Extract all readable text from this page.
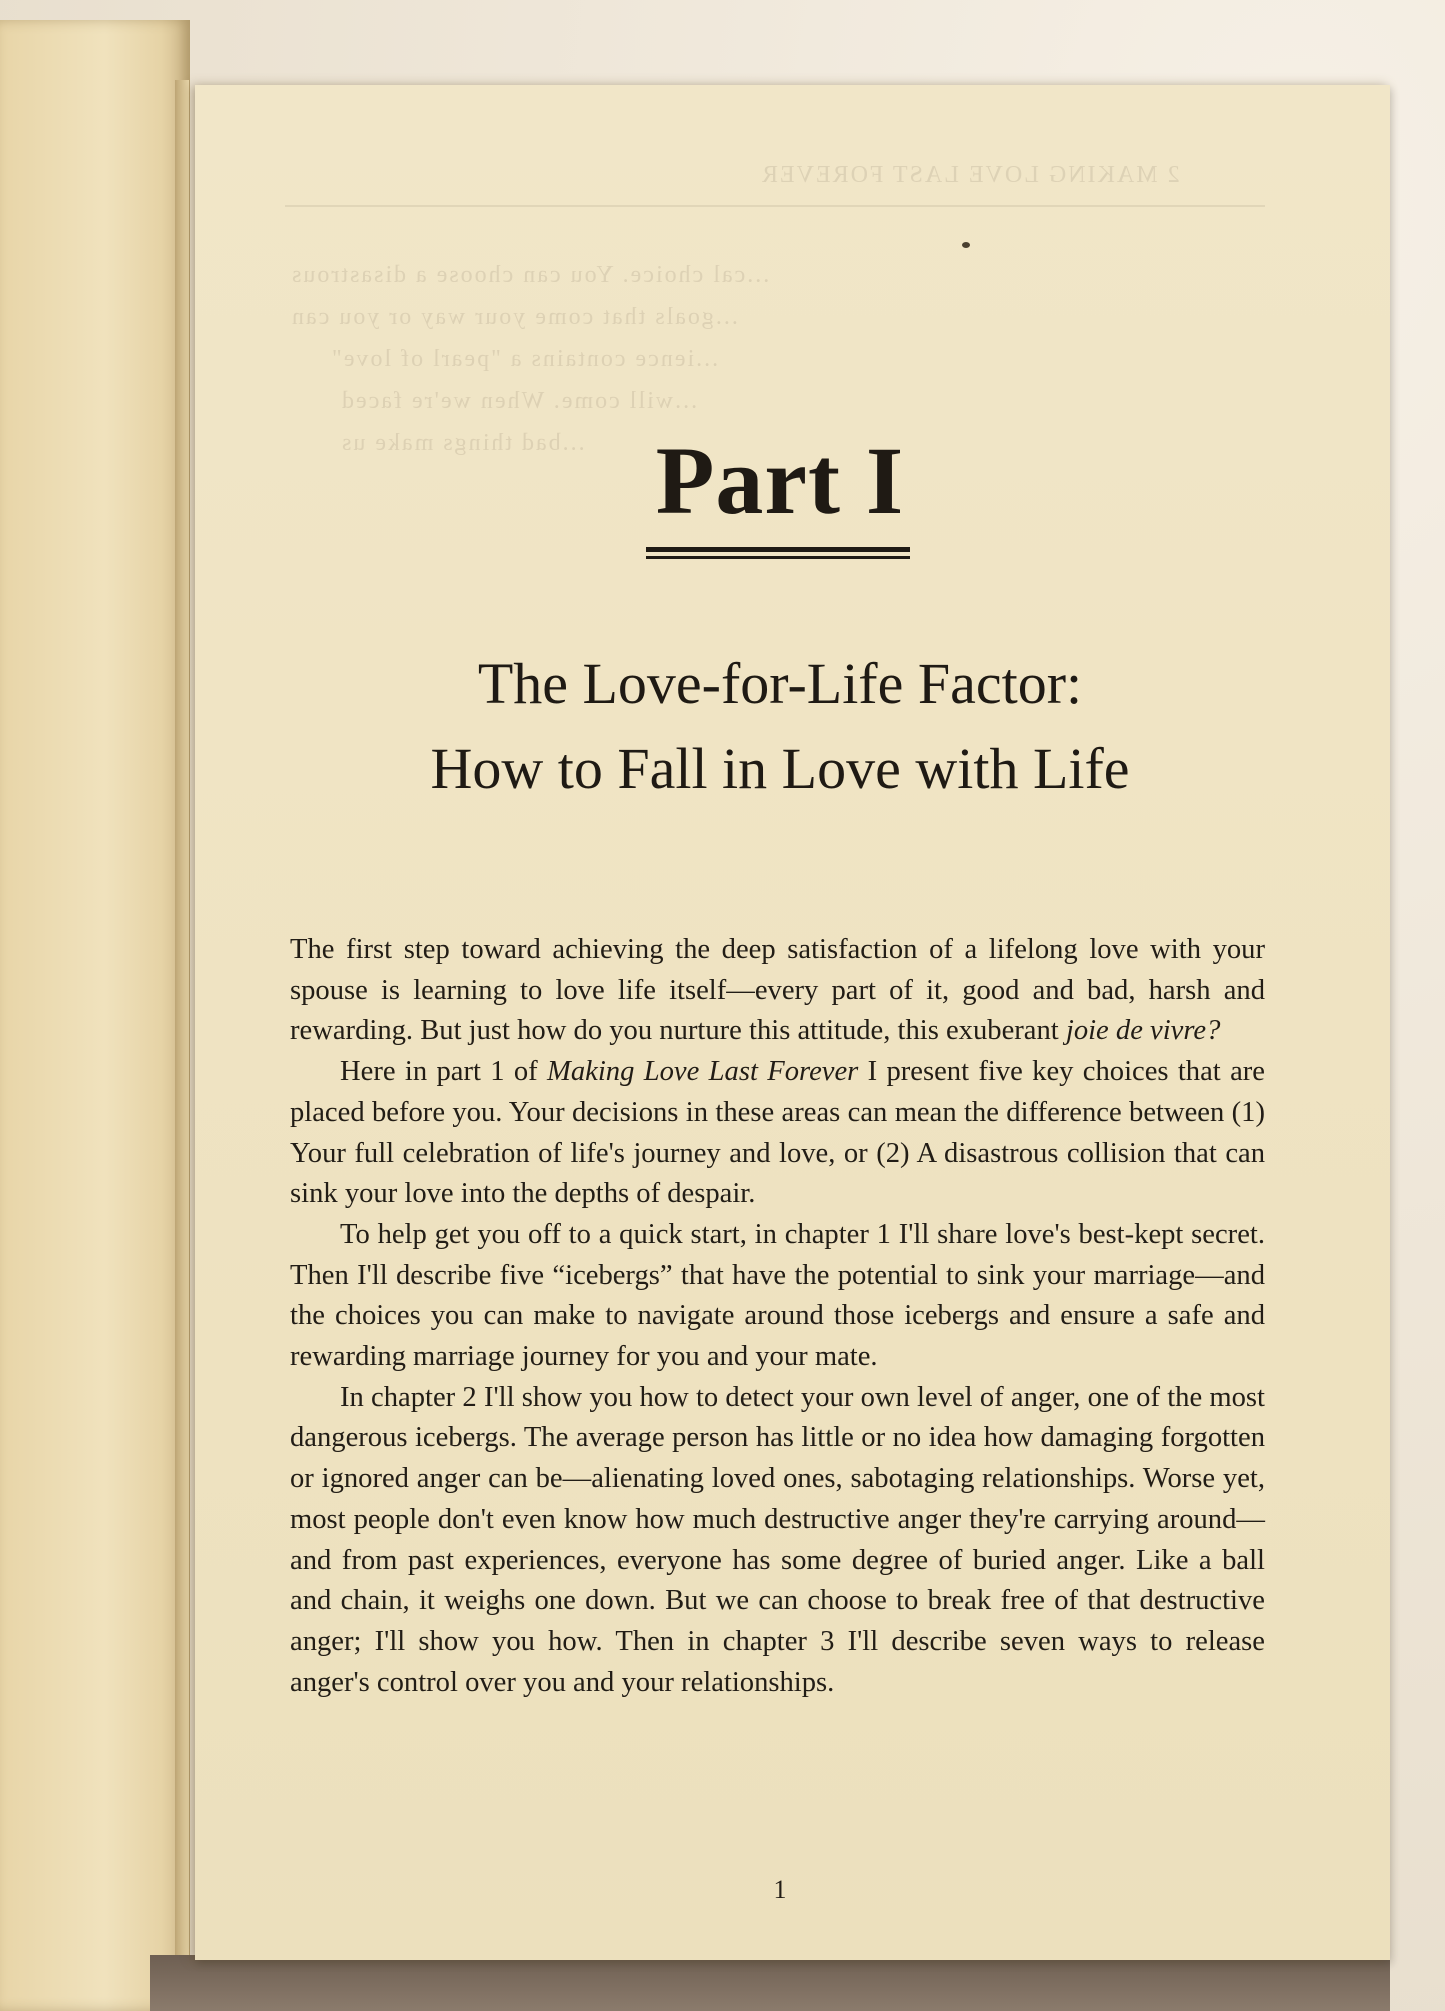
2 MAKING LOVE LAST FOREVER
...cal choice. You can choose a disastrous
...goals that come your way or you can
...ience contains a "pearl of love"
...will come. When we're faced
...bad things make us Part I
The Love-for-Life Factor:
How to Fall in Love with Life

The first step toward achieving the deep satisfaction of a lifelong love with your spouse is learning to love life itself—every part of it, good and bad, harsh and rewarding. But just how do you nurture this attitude, this exuberant joie de vivre?

Here in part 1 of Making Love Last Forever I present five key choices that are placed before you. Your decisions in these areas can mean the difference between (1) Your full celebration of life's journey and love, or (2) A disastrous collision that can sink your love into the depths of despair.

To help get you off to a quick start, in chapter 1 I'll share love's best-kept secret. Then I'll describe five “icebergs” that have the potential to sink your marriage—and the choices you can make to navigate around those icebergs and ensure a safe and rewarding marriage journey for you and your mate.

In chapter 2 I'll show you how to detect your own level of anger, one of the most dangerous icebergs. The average person has little or no idea how damaging forgotten or ignored anger can be—alienating loved ones, sabotaging relationships. Worse yet, most people don't even know how much destructive anger they're carrying around—and from past experiences, everyone has some degree of buried anger. Like a ball and chain, it weighs one down. But we can choose to break free of that destructive anger; I'll show you how. Then in chapter 3 I'll describe seven ways to release anger's control over you and your relationships.

1
